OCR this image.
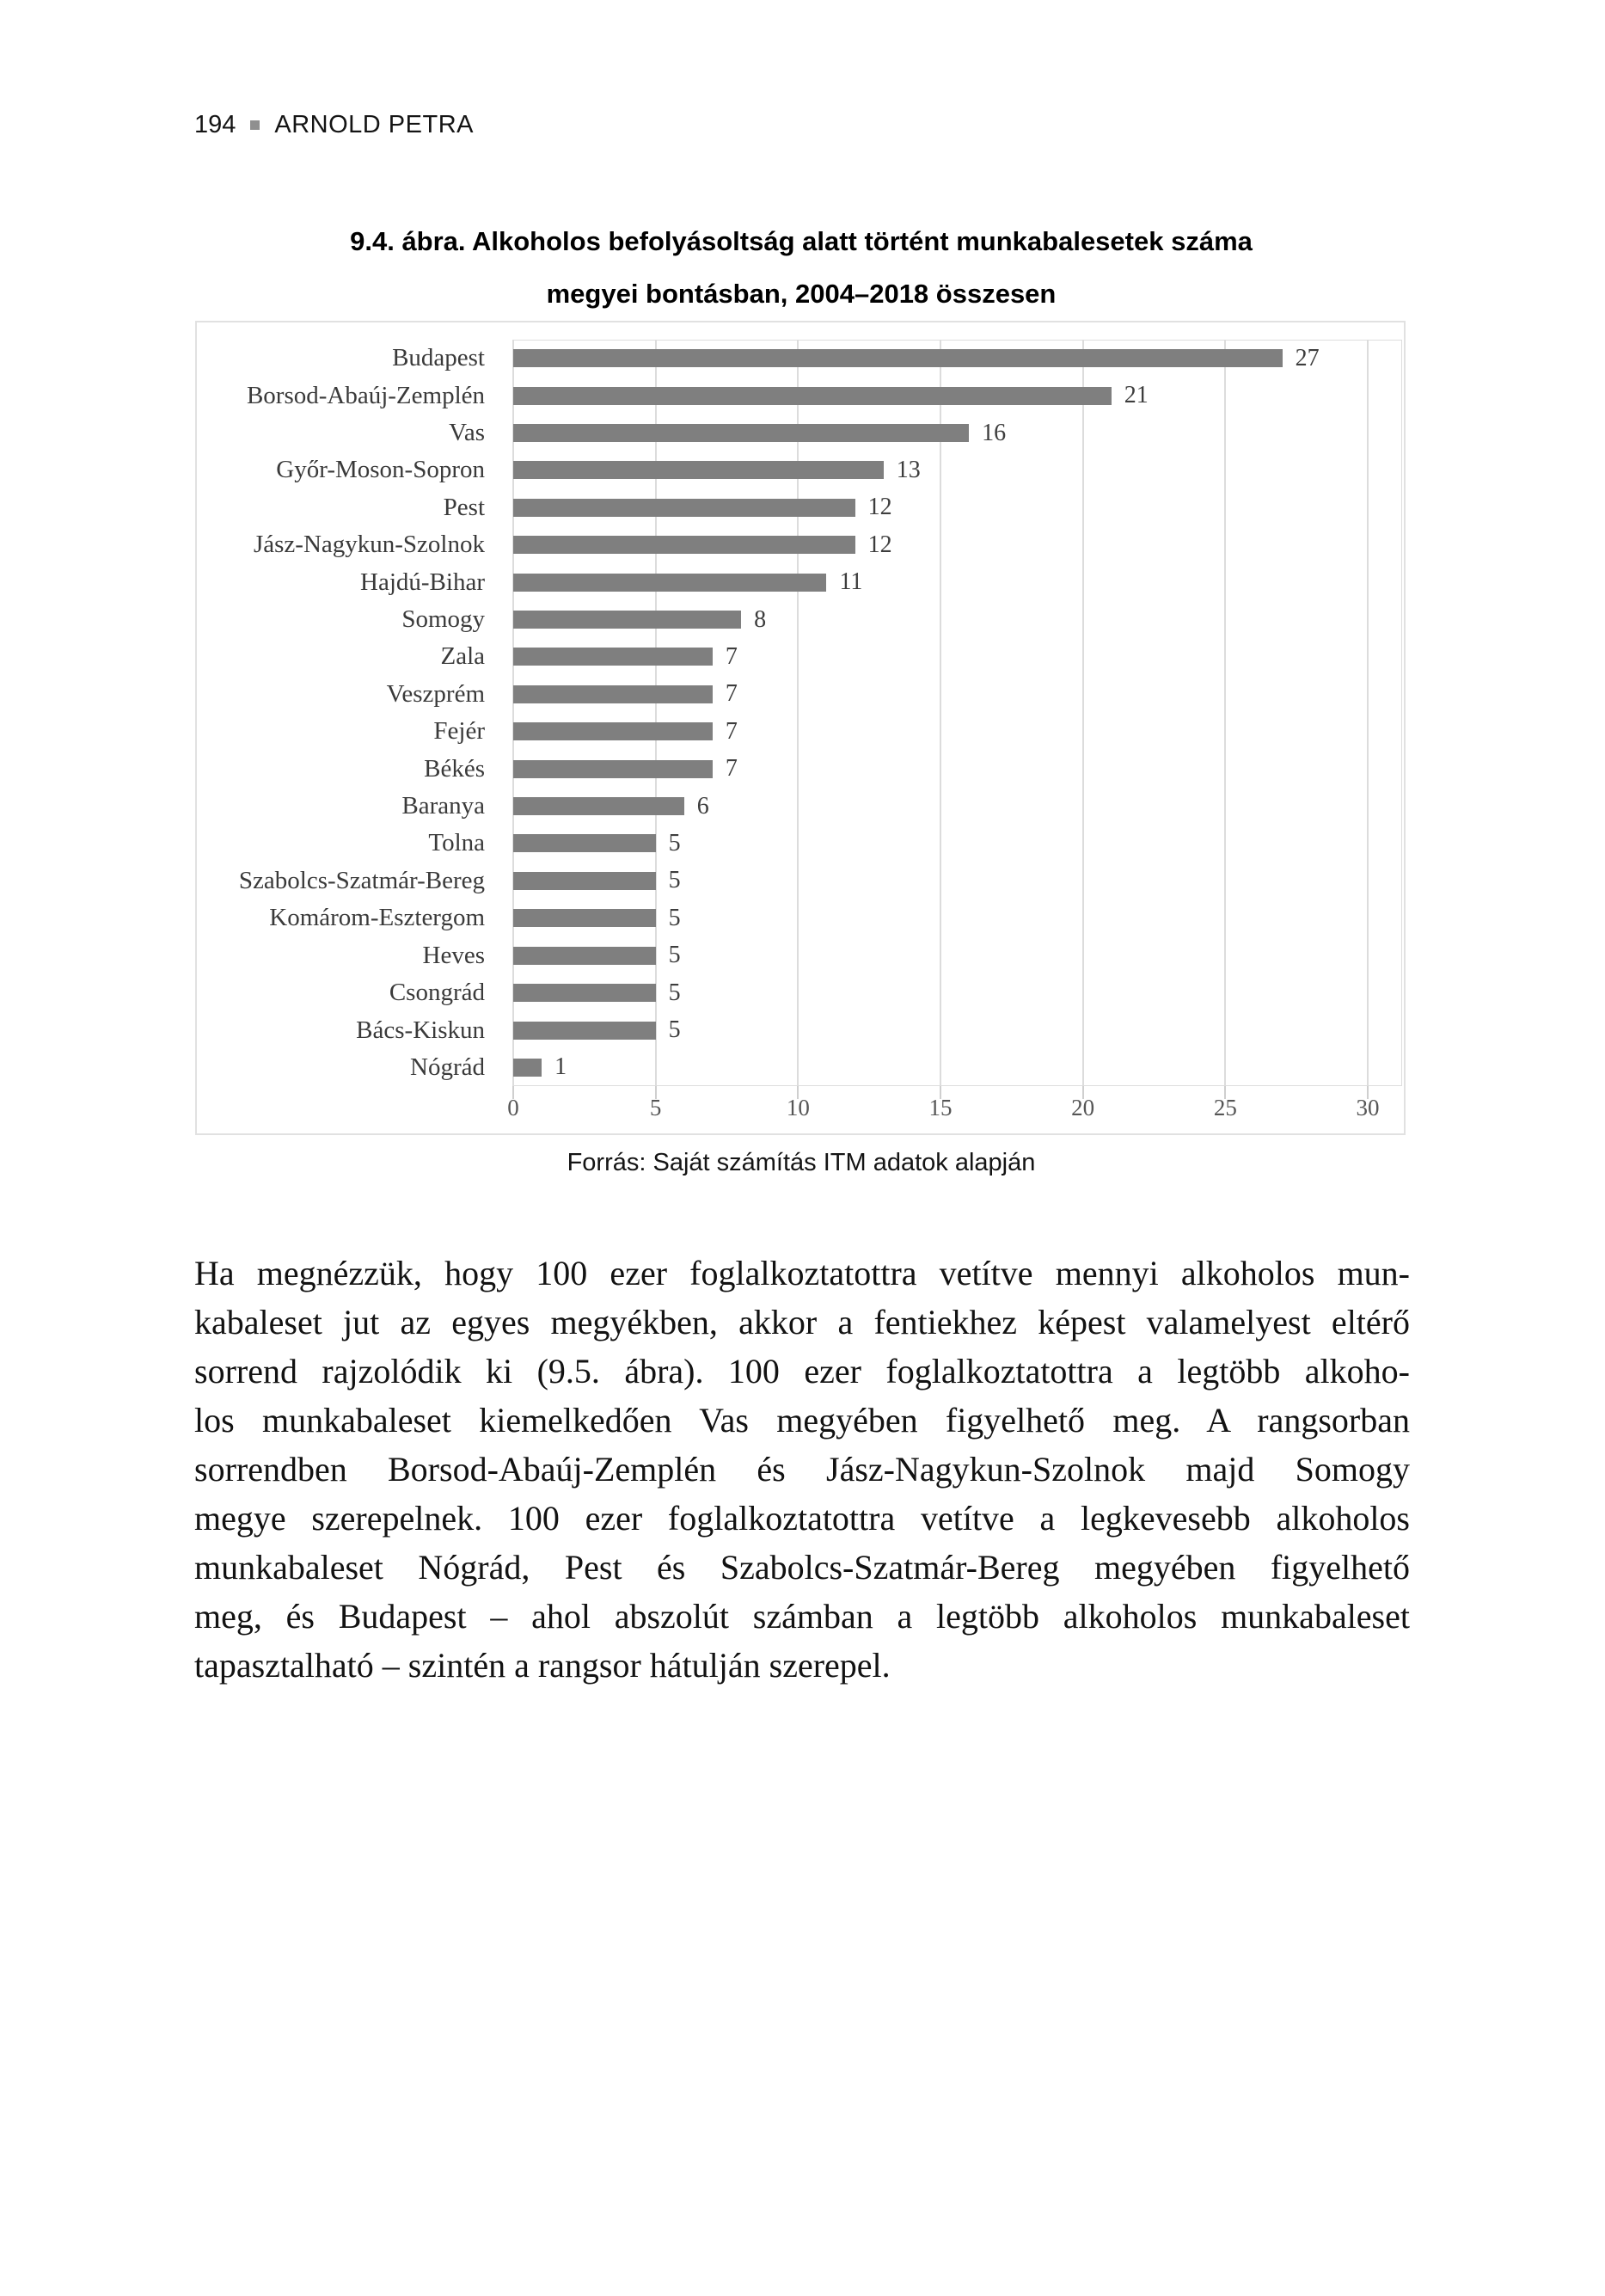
194 ARNOLD PETRA
9.4. ábra. Alkoholos befolyásoltság alatt történt munkabalesetek száma
megyei bontásban, 2004–2018 összesen
Budapest	27
Borsod-Abaúj-Zemplén	21
Vas	16
Győr-Moson-Sopron	13
Pest	12
Jász-Nagykun-Szolnok	12
Hajdú-Bihar	11
Somogy	8
Zala	7
Veszprém	7
Fejér	7
Békés	7
Baranya	6
Tolna	5
Szabolcs-Szatmár-Bereg	5
Komárom-Esztergom	5
Heves	5
Csongrád	5
Bács-Kiskun	5
Nógrád	1
0	5	10	15	20	25	30
Forrás: Saját számítás ITM adatok alapján
Ha megnézzük, hogy 100 ezer foglalkoztatottra vetítve mennyi alkoholos mun-
kabaleset jut az egyes megyékben, akkor a fentiekhez képest valamelyest eltérő
sorrend rajzolódik ki (9.5. ábra). 100 ezer foglalkoztatottra a legtöbb alkoho-
los munkabaleset kiemelkedően Vas megyében figyelhető meg. A rangsorban
sorrendben Borsod-Abaúj-Zemplén és Jász-Nagykun-Szolnok majd Somogy
megye szerepelnek. 100 ezer foglalkoztatottra vetítve a legkevesebb alkoholos
munkabaleset Nógrád, Pest és Szabolcs-Szatmár-Bereg megyében figyelhető
meg, és Budapest – ahol abszolút számban a legtöbb alkoholos munkabaleset
tapasztalható – szintén a rangsor hátulján szerepel.
